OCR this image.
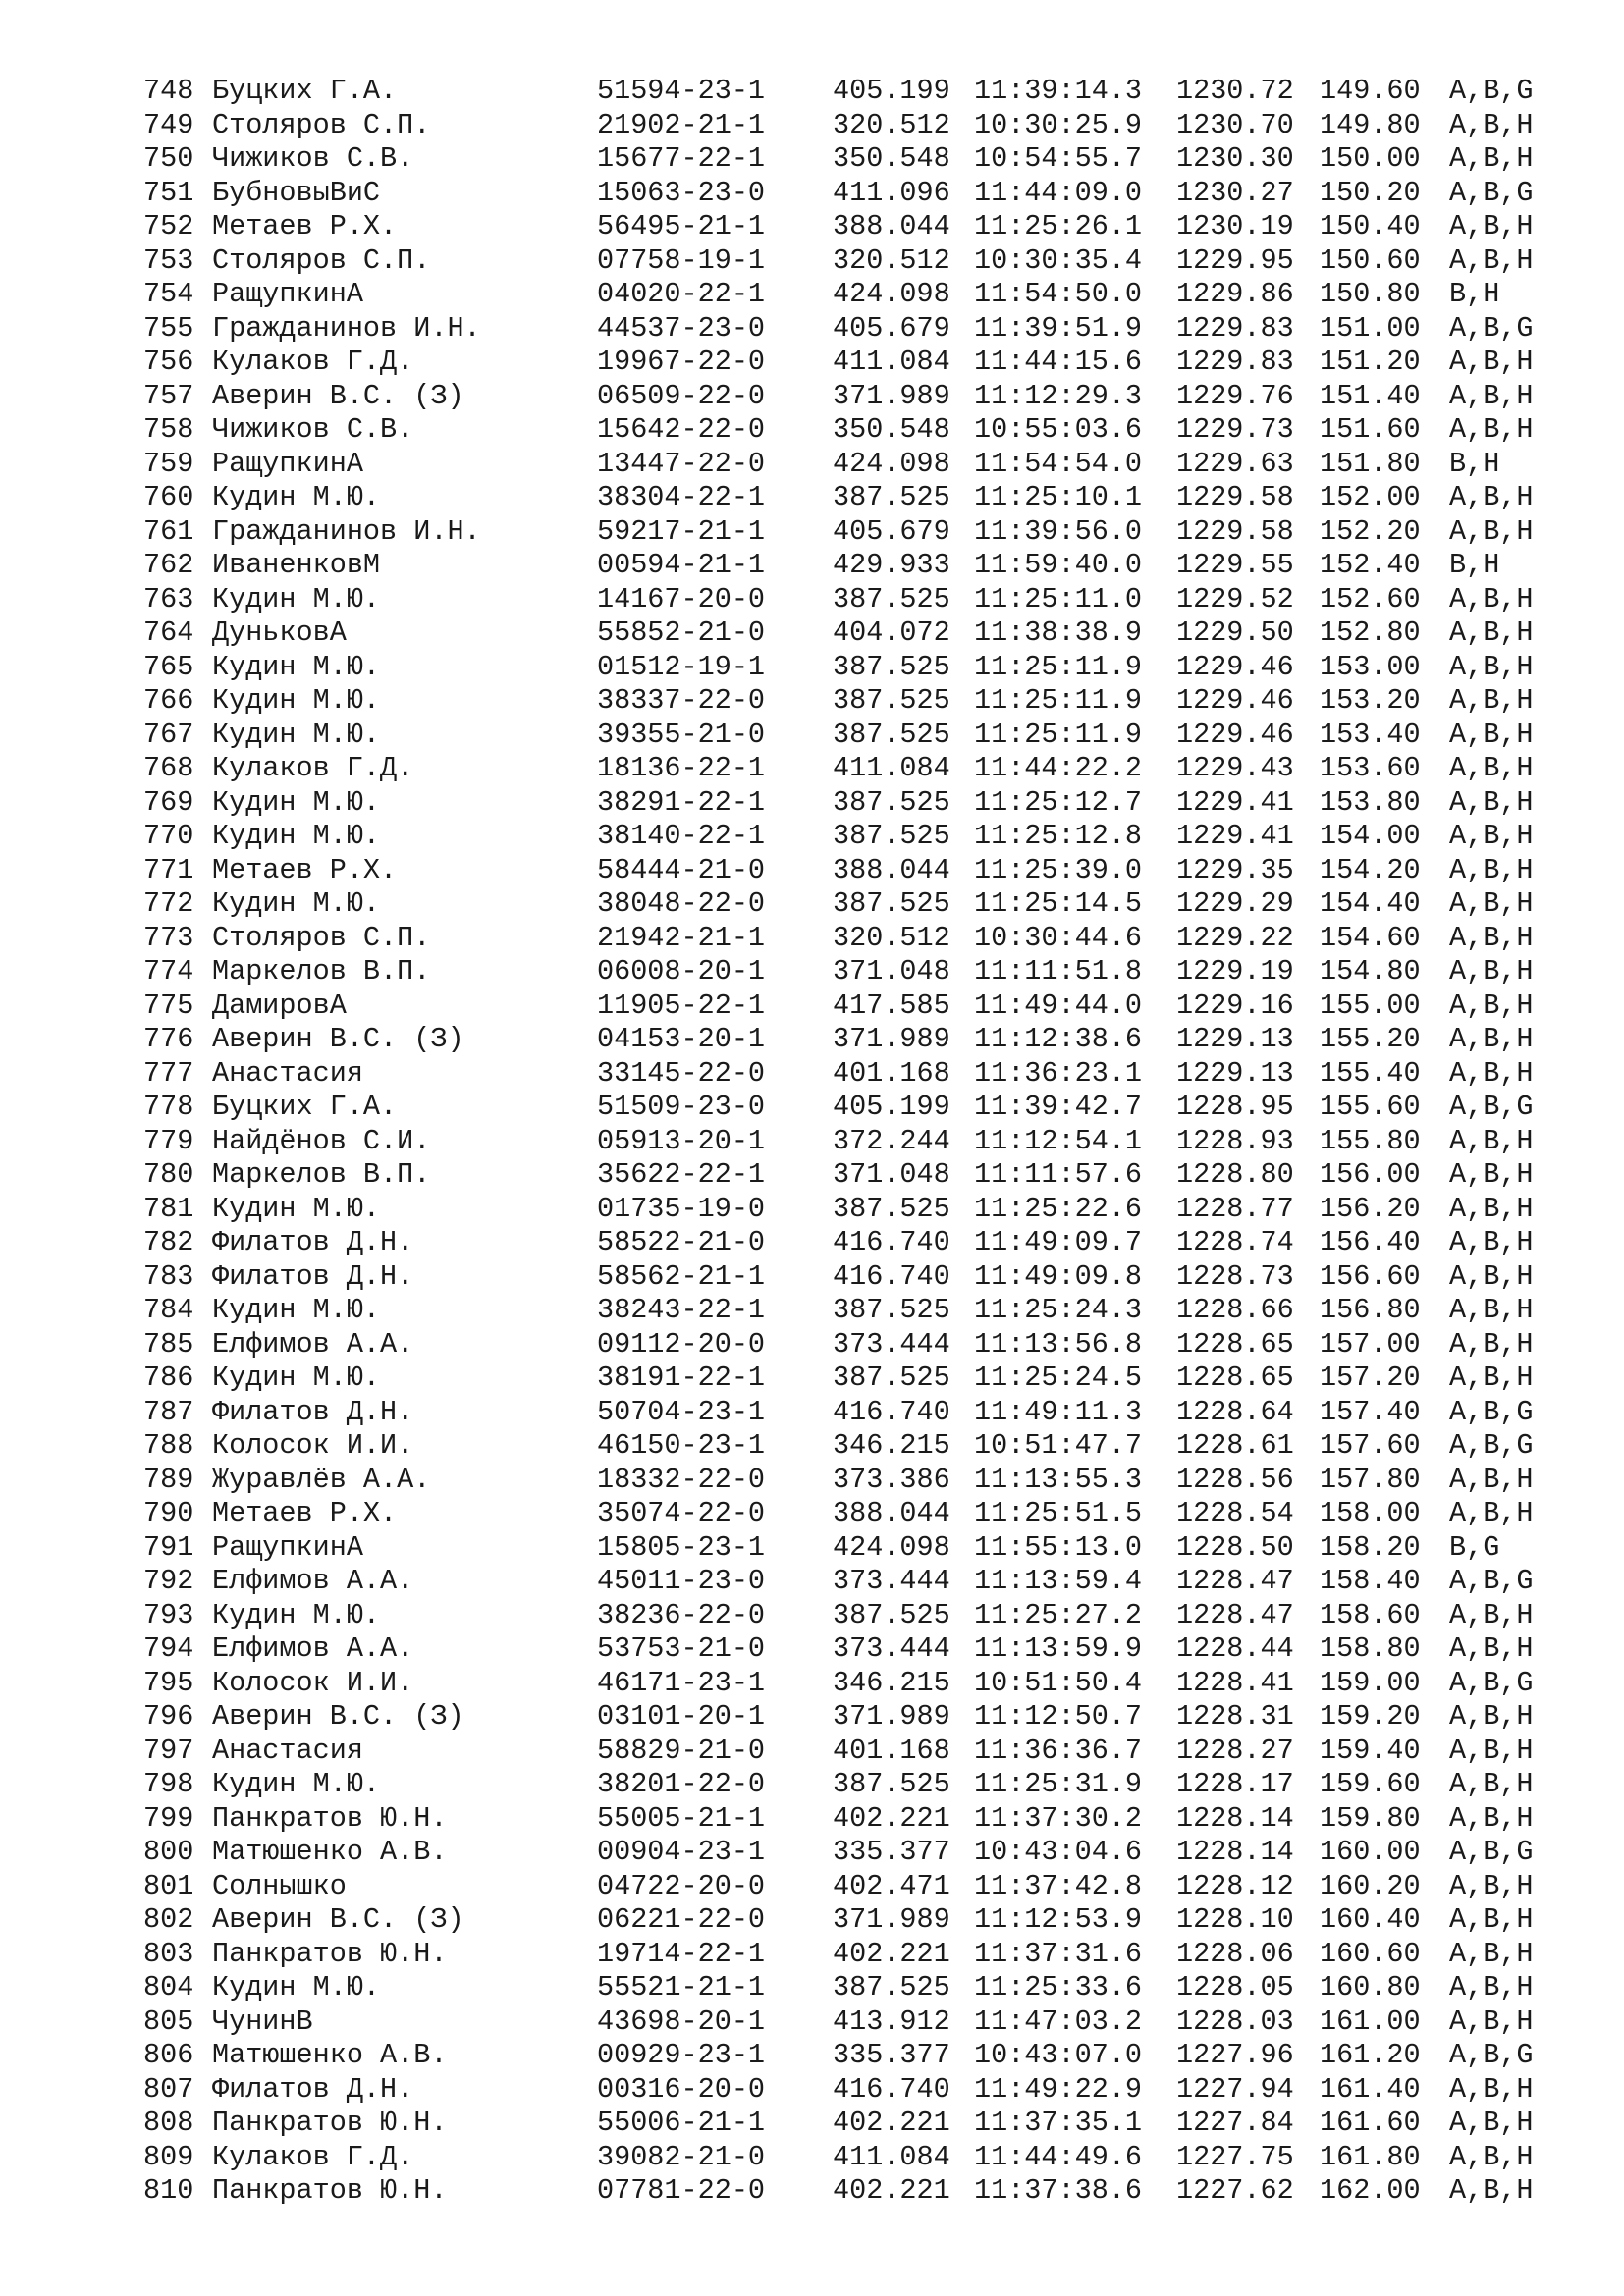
748 Буцких Г.А.	51594-23-1 405.199 11:39:14.3 1230.72 149.60 A,B,G
749 Столяров С.П.	21902-21-1 320.512 10:30:25.9 1230.70 149.80 A,B,H
750 Чижиков С.В.	15677-22-1 350.548 10:54:55.7 1230.30 150.00 A,B,H
751 БубновыВиС	15063-23-0 411.096 11:44:09.0 1230.27 150.20 A,B,G
752 Метаев Р.Х.	56495-21-1 388.044 11:25:26.1 1230.19 150.40 A,B,H
753 Столяров С.П.	07758-19-1 320.512 10:30:35.4 1229.95 150.60 A,B,H
754 РащупкинА	04020-22-1 424.098 11:54:50.0 1229.86 150.80 B,H
755 Гражданинов И.Н.	44537-23-0 405.679 11:39:51.9 1229.83 151.00 A,B,G
756 Кулаков Г.Д.	19967-22-0 411.084 11:44:15.6 1229.83 151.20 A,B,H
757 Аверин В.С. (З)	06509-22-0 371.989 11:12:29.3 1229.76 151.40 A,B,H
758 Чижиков С.В.	15642-22-0 350.548 10:55:03.6 1229.73 151.60 A,B,H
759 РащупкинА	13447-22-0 424.098 11:54:54.0 1229.63 151.80 B,H
760 Кудин М.Ю.	38304-22-1 387.525 11:25:10.1 1229.58 152.00 A,B,H
761 Гражданинов И.Н.	59217-21-1 405.679 11:39:56.0 1229.58 152.20 A,B,H
762 ИваненковМ	00594-21-1 429.933 11:59:40.0 1229.55 152.40 B,H
763 Кудин М.Ю.	14167-20-0 387.525 11:25:11.0 1229.52 152.60 A,B,H
764 ДуньковА	55852-21-0 404.072 11:38:38.9 1229.50 152.80 A,B,H
765 Кудин М.Ю.	01512-19-1 387.525 11:25:11.9 1229.46 153.00 A,B,H
766 Кудин М.Ю.	38337-22-0 387.525 11:25:11.9 1229.46 153.20 A,B,H
767 Кудин М.Ю.	39355-21-0 387.525 11:25:11.9 1229.46 153.40 A,B,H
768 Кулаков Г.Д.	18136-22-1 411.084 11:44:22.2 1229.43 153.60 A,B,H
769 Кудин М.Ю.	38291-22-1 387.525 11:25:12.7 1229.41 153.80 A,B,H
770 Кудин М.Ю.	38140-22-1 387.525 11:25:12.8 1229.41 154.00 A,B,H
771 Метаев Р.Х.	58444-21-0 388.044 11:25:39.0 1229.35 154.20 A,B,H
772 Кудин М.Ю.	38048-22-0 387.525 11:25:14.5 1229.29 154.40 A,B,H
773 Столяров С.П.	21942-21-1 320.512 10:30:44.6 1229.22 154.60 A,B,H
774 Маркелов В.П.	06008-20-1 371.048 11:11:51.8 1229.19 154.80 A,B,H
775 ДамировА	11905-22-1 417.585 11:49:44.0 1229.16 155.00 A,B,H
776 Аверин В.С. (З)	04153-20-1 371.989 11:12:38.6 1229.13 155.20 A,B,H
777 Анастасия	33145-22-0 401.168 11:36:23.1 1229.13 155.40 A,B,H
778 Буцких Г.А.	51509-23-0 405.199 11:39:42.7 1228.95 155.60 A,B,G
779 Найдёнов С.И.	05913-20-1 372.244 11:12:54.1 1228.93 155.80 A,B,H
780 Маркелов В.П.	35622-22-1 371.048 11:11:57.6 1228.80 156.00 A,B,H
781 Кудин М.Ю.	01735-19-0 387.525 11:25:22.6 1228.77 156.20 A,B,H
782 Филатов Д.Н.	58522-21-0 416.740 11:49:09.7 1228.74 156.40 A,B,H
783 Филатов Д.Н.	58562-21-1 416.740 11:49:09.8 1228.73 156.60 A,B,H
784 Кудин М.Ю.	38243-22-1 387.525 11:25:24.3 1228.66 156.80 A,B,H
785 Елфимов А.А.	09112-20-0 373.444 11:13:56.8 1228.65 157.00 A,B,H
786 Кудин М.Ю.	38191-22-1 387.525 11:25:24.5 1228.65 157.20 A,B,H
787 Филатов Д.Н.	50704-23-1 416.740 11:49:11.3 1228.64 157.40 A,B,G
788 Колосок И.И.	46150-23-1 346.215 10:51:47.7 1228.61 157.60 A,B,G
789 Журавлёв А.А.	18332-22-0 373.386 11:13:55.3 1228.56 157.80 A,B,H
790 Метаев Р.Х.	35074-22-0 388.044 11:25:51.5 1228.54 158.00 A,B,H
791 РащупкинА	15805-23-1 424.098 11:55:13.0 1228.50 158.20 B,G
792 Елфимов А.А.	45011-23-0 373.444 11:13:59.4 1228.47 158.40 A,B,G
793 Кудин М.Ю.	38236-22-0 387.525 11:25:27.2 1228.47 158.60 A,B,H
794 Елфимов А.А.	53753-21-0 373.444 11:13:59.9 1228.44 158.80 A,B,H
795 Колосок И.И.	46171-23-1 346.215 10:51:50.4 1228.41 159.00 A,B,G
796 Аверин В.С. (З)	03101-20-1 371.989 11:12:50.7 1228.31 159.20 A,B,H
797 Анастасия	58829-21-0 401.168 11:36:36.7 1228.27 159.40 A,B,H
798 Кудин М.Ю.	38201-22-0 387.525 11:25:31.9 1228.17 159.60 A,B,H
799 Панкратов Ю.Н.	55005-21-1 402.221 11:37:30.2 1228.14 159.80 A,B,H
800 Матюшенко А.В.	00904-23-1 335.377 10:43:04.6 1228.14 160.00 A,B,G
801 Солнышко	04722-20-0 402.471 11:37:42.8 1228.12 160.20 A,B,H
802 Аверин В.С. (З)	06221-22-0 371.989 11:12:53.9 1228.10 160.40 A,B,H
803 Панкратов Ю.Н.	19714-22-1 402.221 11:37:31.6 1228.06 160.60 A,B,H
804 Кудин М.Ю.	55521-21-1 387.525 11:25:33.6 1228.05 160.80 A,B,H
805 ЧунинВ	43698-20-1 413.912 11:47:03.2 1228.03 161.00 A,B,H
806 Матюшенко А.В.	00929-23-1 335.377 10:43:07.0 1227.96 161.20 A,B,G
807 Филатов Д.Н.	00316-20-0 416.740 11:49:22.9 1227.94 161.40 A,B,H
808 Панкратов Ю.Н.	55006-21-1 402.221 11:37:35.1 1227.84 161.60 A,B,H
809 Кулаков Г.Д.	39082-21-0 411.084 11:44:49.6 1227.75 161.80 A,B,H
810 Панкратов Ю.Н.	07781-22-0 402.221 11:37:38.6 1227.62 162.00 A,B,H
